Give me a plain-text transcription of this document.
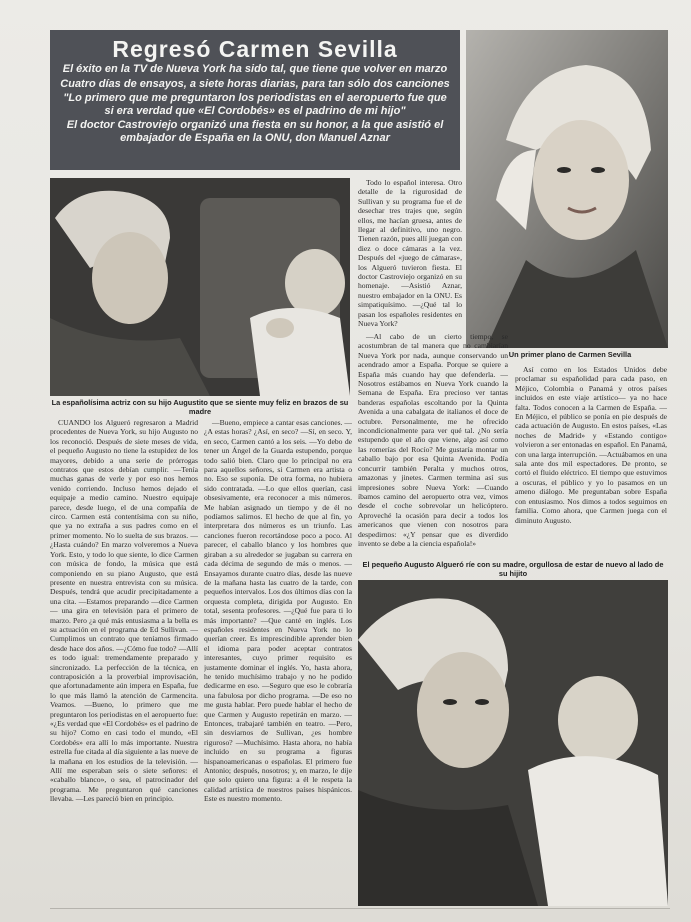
Regresó Carmen Sevilla
El éxito en la TV de Nueva York ha sido tal, que tiene que volver en marzo
Cuatro días de ensayos, a siete horas diarias, para tan sólo dos canciones
"Lo primero que me preguntaron los periodistas en el aeropuerto fue que si era verdad que «El Cordobés» es el padrino de mi hijo"
El doctor Castroviejo organizó una fiesta en su honor, a la que asistió el embajador de España en la ONU, don Manuel Aznar
Un primer plano de Carmen Sevilla
La españolísima actriz con su hijo Augustito que se siente muy feliz en brazos de su madre

CUANDO los Algueró regresaron a Madrid procedentes de Nueva York, su hijo Augusto no los reconoció. Después de siete meses de vida, el pequeño Augusto no tiene la estupidez de los mayores, debido a una serie de prórrogas contratos que estos debían cumplir. —Tenía muchas ganas de verle y por eso nos hemos venido corriendo. Incluso hemos dejado el equipaje a medio camino. Nuestro equipaje parece, desde luego, el de una compañía de circo. Carmen está contentísima con su niño, que ya no extraña a sus padres como en el primer momento. No lo suelta de sus brazos. —¿Hasta cuándo? En marzo volveremos a Nueva York. Esto, y todo lo que siente, lo dice Carmen con música de fondo, la música que está componiendo en su piano Augusto, que está presente en nuestra entrevista con su música. Después, tendrá que acudir precipitadamente a una cita. —Estamos preparando —dice Carmen— una gira en televisión para el primero de marzo. Pero ¿a qué más entusiasma a la bella es su actuación en el programa de Ed Sullivan. —Cumplimos un contrato que teníamos firmado desde hace dos años. —¿Cómo fue todo? —Allí es todo igual: tremendamente preparado y sincronizado. La perfección de la técnica, en contraposición a la proverbial improvisación, que afortunadamente aún impera en España, fue lo que más llamó la atención de Carmencita. Veamos. —Bueno, lo primero que me preguntaron los periodistas en el aeropuerto fue: «¿Es verdad que «El Cordobés» es el padrino de su hijo? Como en casi todo el mundo, «El Cordobés» era allí lo más importante. Nuestra estrella fue citada al día siguiente a las nueve de la mañana en los estudios de la televisión. —Allí me esperaban seis o siete señores: el «caballo blanco», o sea, el patrocinador del programa. Me preguntaron qué canciones llevaba. —Les pareció bien en principio.

—Bueno, empiece a cantar esas canciones. —¿A estas horas? ¿Así, en seco? —Sí, en seco. Y, en seco, Carmen cantó a los seis. —Yo debo de tener un Ángel de la Guarda estupendo, porque todo salió bien. Claro que lo principal no era para aquellos señores, si Carmen era artista o no. Eso se suponía. De otra forma, no hubiera sido contratada. —Lo que ellos querían, casi obsesivamente, era reconocer a mis números. Me habían asignado un tiempo y de él no podíamos salirnos. El hecho de que al fin, yo interpretara dos números es un triunfo. Las canciones fueron recortándose poco a poco. Al parecer, el caballo blanco y los hombres que giraban a su alrededor se jugaban su carrera en cada décima de segundo de más o menos. —Ensayamos durante cuatro días, desde las nueve de la mañana hasta las cuatro de la tarde, con pequeños intervalos. Los dos últimos días con la orquesta completa, dirigida por Augusto. En total, sesenta profesores. —¿Qué fue para ti lo más importante? —Que canté en inglés. Los españoles residentes en Nueva York no lo querían creer. Es imprescindible aprender bien el idioma para poder aceptar contratos interesantes, cuyo primer requisito es justamente dominar el inglés. Yo, hasta ahora, he tenido muchísimo trabajo y no he podido dedicarme en eso. —Seguro que eso le cobraría una fabulosa por dicho programa. —De eso no me gusta hablar. Pero puede hablar el hecho de que Carmen y Augusto repetirán en marzo. —Entonces, trabajaré también en teatro. —Pero, sin desviarnos de Sullivan, ¿es hombre riguroso? —Muchísimo. Hasta ahora, no había incluido en su programa a figuras hispanoamericanas o españolas. El primero fue Antonio; después, nosotros; y, en marzo, le dije que solo quiero una figura: a él le respeta la calidad artística de nuestros países hispánicos. Este es nuestro momento.

Todo lo español interesa. Otro detalle de la rigurosidad de Sullivan y su programa fue el de desechar tres trajes que, según ellos, me hacían gruesa, antes de llegar al definitivo, uno negro. Tienen razón, pues allí juegan con diez o doce cámaras a la vez. Después del «juego de cámaras», los Algueró tuvieron fiesta. El doctor Castroviejo organizó en su homenaje. —Asistió Aznar, nuestro embajador en la ONU. Es simpatiquísimo. —¿Qué tal lo pasan los españoles residentes en Nueva York?

—Al cabo de un cierto tiempo, se acostumbran de tal manera que no cambiarían Nueva York por nada, aunque conservando un acendrado amor a España. Porque se quiere a España más cuando hay que defenderla. —Nosotros estábamos en Nueva York cuando la Semana de España. Era precioso ver tantas banderas españolas escoltando por la Quinta Avenida a una cabalgata de italianos el doce de octubre. Personalmente, me he ofrecido incondicionalmente para ver qué tal. ¿No sería estupendo que el año que viene, algo así como las romerías del Rocío? Me gustaría montar un caballo bajo por esa Quinta Avenida. Podía concurrir también Peralta y muchos otros, amazonas y jinetes. Carmen termina así sus impresiones sobre Nueva York: —Cuando íbamos camino del aeropuerto otra vez, vimos desde el coche sobrevolar un helicóptero. Aproveché la ocasión para decir a todos los americanos que vienen con nosotros para despedirnos: «¿Y pensar que es diverdido invento se debe a la ciencia española!»

Así como en los Estados Unidos debe proclamar su españolidad para cada paso, en Méjico, Colombia o Panamá y otros países incluidos en este viaje artístico— ya no hace falta. Todos conocen a la Carmen de España. —En Méjico, el público se ponía en pie después de cada actuación de Augusto. En estos países, «Las noches de Madrid» y «Estando contigo» volvieron a ser entonadas en español. En Panamá, con una larga interrupción. —Actuábamos en una sala ante dos mil espectadores. De pronto, se cortó el fluido eléctrico. El tiempo que estuvimos a oscuras, el público y yo lo pasamos en un ameno diálogo. Me preguntaban sobre España con entusiasmo. Nos dimos a todos seguimos en familia. Como ahora, que Carmen juega con el diminuto Augusto.

El pequeño Augusto Algueró ríe con su madre, orgullosa de estar de nuevo al lado de su hijito
